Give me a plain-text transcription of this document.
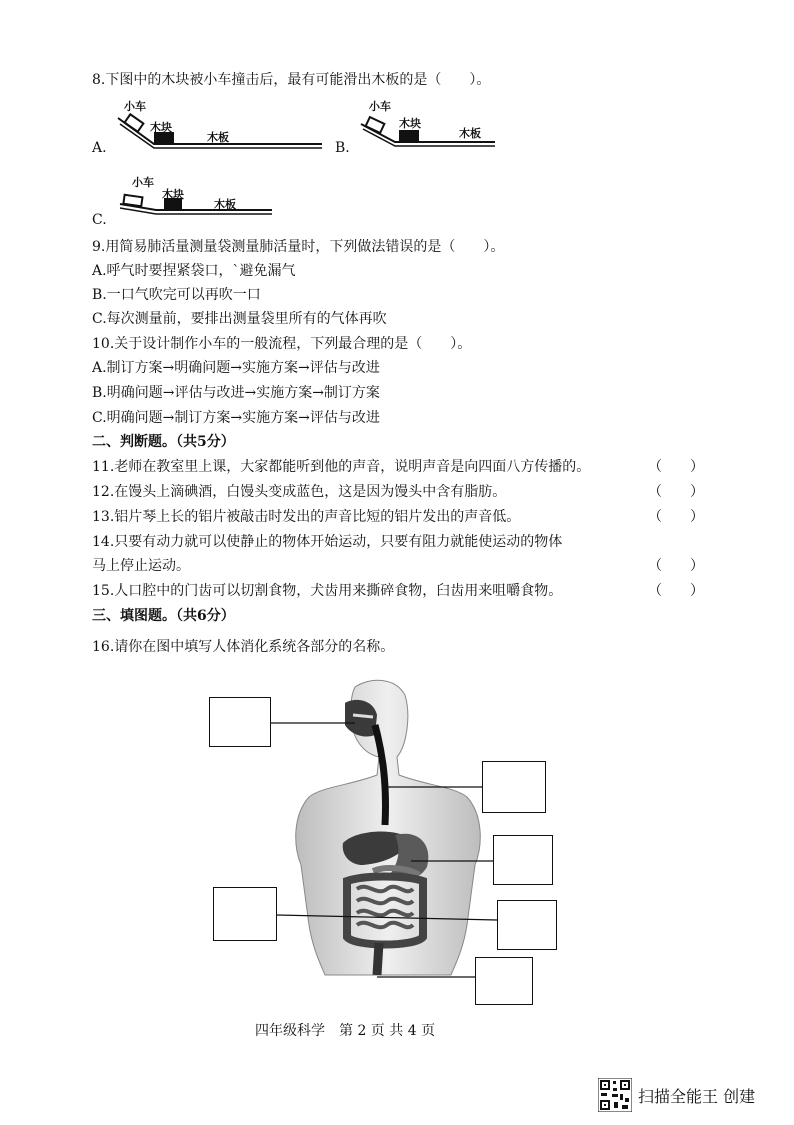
8.下图中的木块被小车撞击后，最有可能滑出木板的是（　　）。
A.
小车
木块
木板
B.
小车
木块
木板
C.
小车
木块
木板
9.用简易肺活量测量袋测量肺活量时，下列做法错误的是（　　）。
A.呼气时要捏紧袋口，`避免漏气
B.一口气吹完可以再吹一口
C.每次测量前，要排出测量袋里所有的气体再吹
10.关于设计制作小车的一般流程，下列最合理的是（　　）。
A.制订方案→明确问题→实施方案→评估与改进
B.明确问题→评估与改进→实施方案→制订方案
C.明确问题→制订方案→实施方案→评估与改进
二、判断题。（共5分）
11.老师在教室里上课，大家都能听到他的声音，说明声音是向四面八方传播的。	（　　）
12.在馒头上滴碘酒，白馒头变成蓝色，这是因为馒头中含有脂肪。	（　　）
13.铝片琴上长的铝片被敲击时发出的声音比短的铝片发出的声音低。	（　　）
14.只要有动力就可以使静止的物体开始运动，只要有阻力就能使运动的物体
马上停止运动。	（　　）
15.人口腔中的门齿可以切割食物，犬齿用来撕碎食物，臼齿用来咀嚼食物。	（　　）
三、填图题。（共6分）
16.请你在图中填写人体消化系统各部分的名称。
四年级科学　第 2 页 共 4 页
扫描全能王 创建
